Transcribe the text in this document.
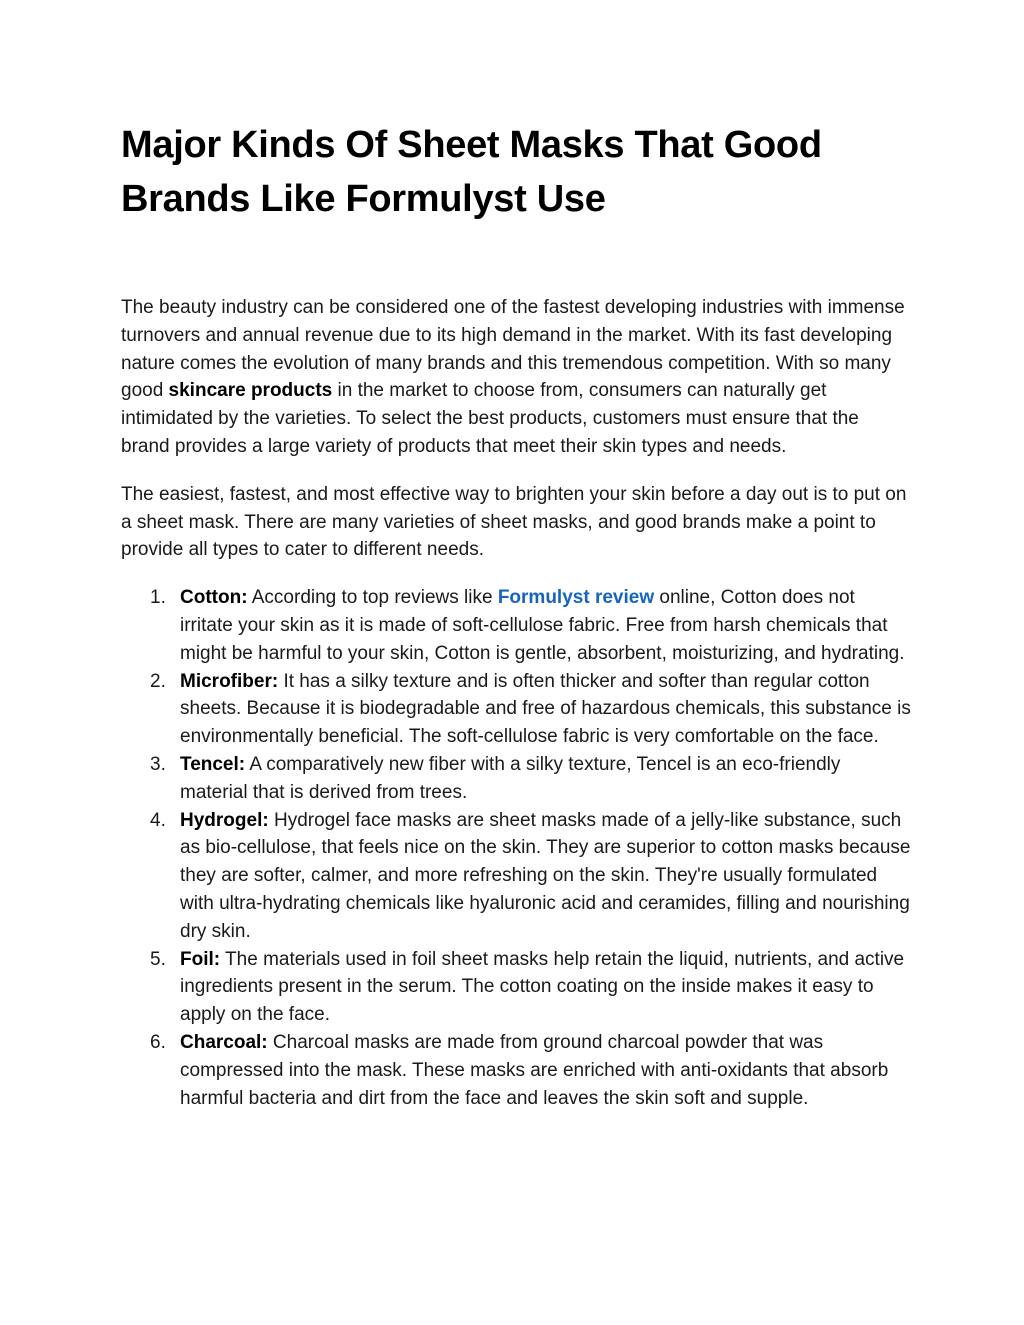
Major Kinds Of Sheet Masks That Good
Brands Like Formulyst Use

The beauty industry can be considered one of the fastest developing industries with immense turnovers and annual revenue due to its high demand in the market. With its fast developing nature comes the evolution of many brands and this tremendous competition. With so many good skincare products in the market to choose from, consumers can naturally get intimidated by the varieties. To select the best products, customers must ensure that the brand provides a large variety of products that meet their skin types and needs.

The easiest, fastest, and most effective way to brighten your skin before a day out is to put on a sheet mask. There are many varieties of sheet masks, and good brands make a point to provide all types to cater to different needs.

1. Cotton: According to top reviews like Formulyst review online, Cotton does not irritate your skin as it is made of soft-cellulose fabric. Free from harsh chemicals that might be harmful to your skin, Cotton is gentle, absorbent, moisturizing, and hydrating.
2. Microfiber: It has a silky texture and is often thicker and softer than regular cotton sheets. Because it is biodegradable and free of hazardous chemicals, this substance is environmentally beneficial. The soft-cellulose fabric is very comfortable on the face.
3. Tencel: A comparatively new fiber with a silky texture, Tencel is an eco-friendly material that is derived from trees.
4. Hydrogel: Hydrogel face masks are sheet masks made of a jelly-like substance, such as bio-cellulose, that feels nice on the skin. They are superior to cotton masks because they are softer, calmer, and more refreshing on the skin. They're usually formulated with ultra-hydrating chemicals like hyaluronic acid and ceramides, filling and nourishing dry skin.
5. Foil: The materials used in foil sheet masks help retain the liquid, nutrients, and active ingredients present in the serum. The cotton coating on the inside makes it easy to apply on the face.
6. Charcoal: Charcoal masks are made from ground charcoal powder that was compressed into the mask. These masks are enriched with anti-oxidants that absorb harmful bacteria and dirt from the face and leaves the skin soft and supple.
